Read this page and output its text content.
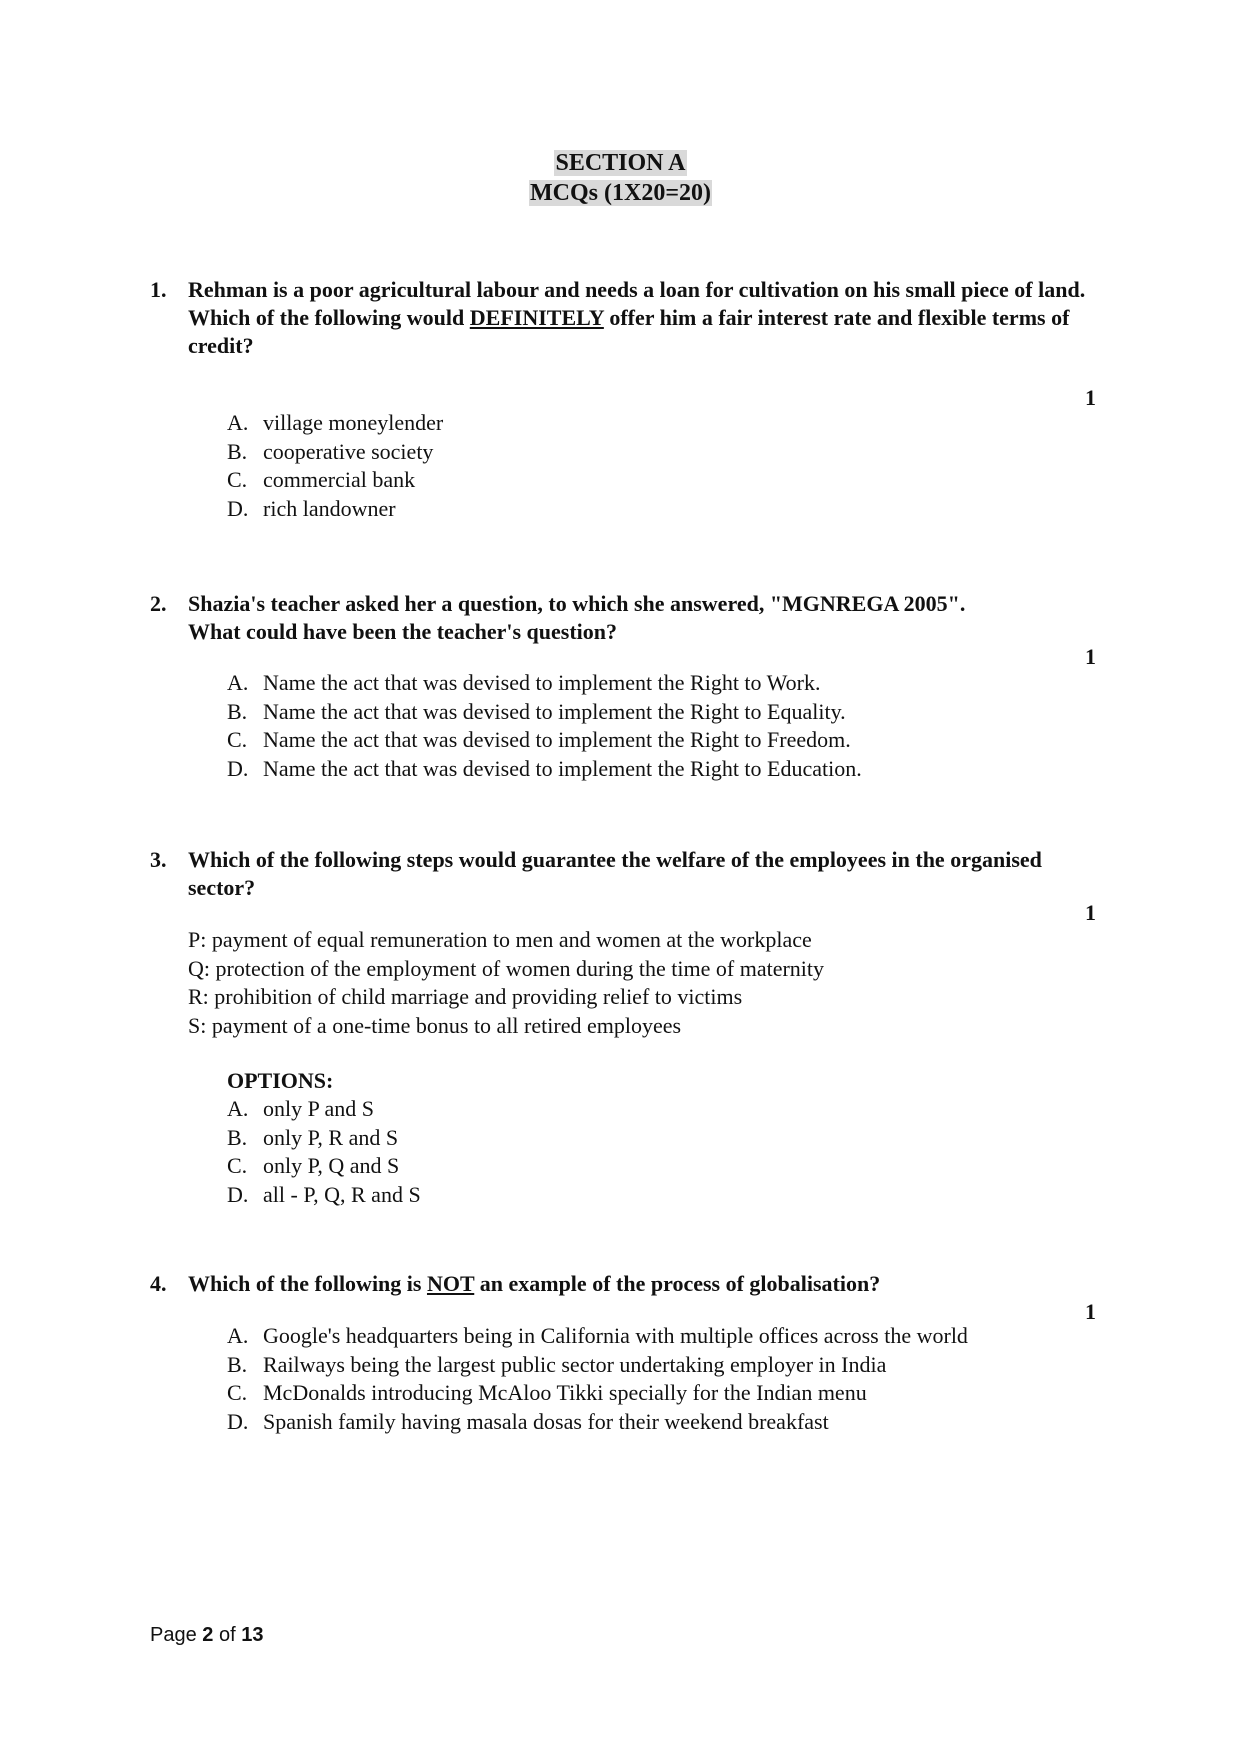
SECTION A
MCQs (1X20=20)
1. Rehman is a poor agricultural labour and needs a loan for cultivation on his small piece of land.
Which of the following would DEFINITELY offer him a fair interest rate and flexible terms of credit?
1
A. village moneylender
B. cooperative society
C. commercial bank
D. rich landowner
2. Shazia's teacher asked her a question, to which she answered, "MGNREGA 2005".
What could have been the teacher's question?
1
A. Name the act that was devised to implement the Right to Work.
B. Name the act that was devised to implement the Right to Equality.
C. Name the act that was devised to implement the Right to Freedom.
D. Name the act that was devised to implement the Right to Education.
3. Which of the following steps would guarantee the welfare of the employees in the organised sector?
1
P: payment of equal remuneration to men and women at the workplace
Q: protection of the employment of women during the time of maternity
R: prohibition of child marriage and providing relief to victims
S: payment of a one-time bonus to all retired employees
OPTIONS:
A. only P and S
B. only P, R and S
C. only P, Q and S
D. all - P, Q, R and S
4. Which of the following is NOT an example of the process of globalisation?
1
A. Google's headquarters being in California with multiple offices across the world
B. Railways being the largest public sector undertaking employer in India
C. McDonalds introducing McAloo Tikki specially for the Indian menu
D. Spanish family having masala dosas for their weekend breakfast
Page 2 of 13
